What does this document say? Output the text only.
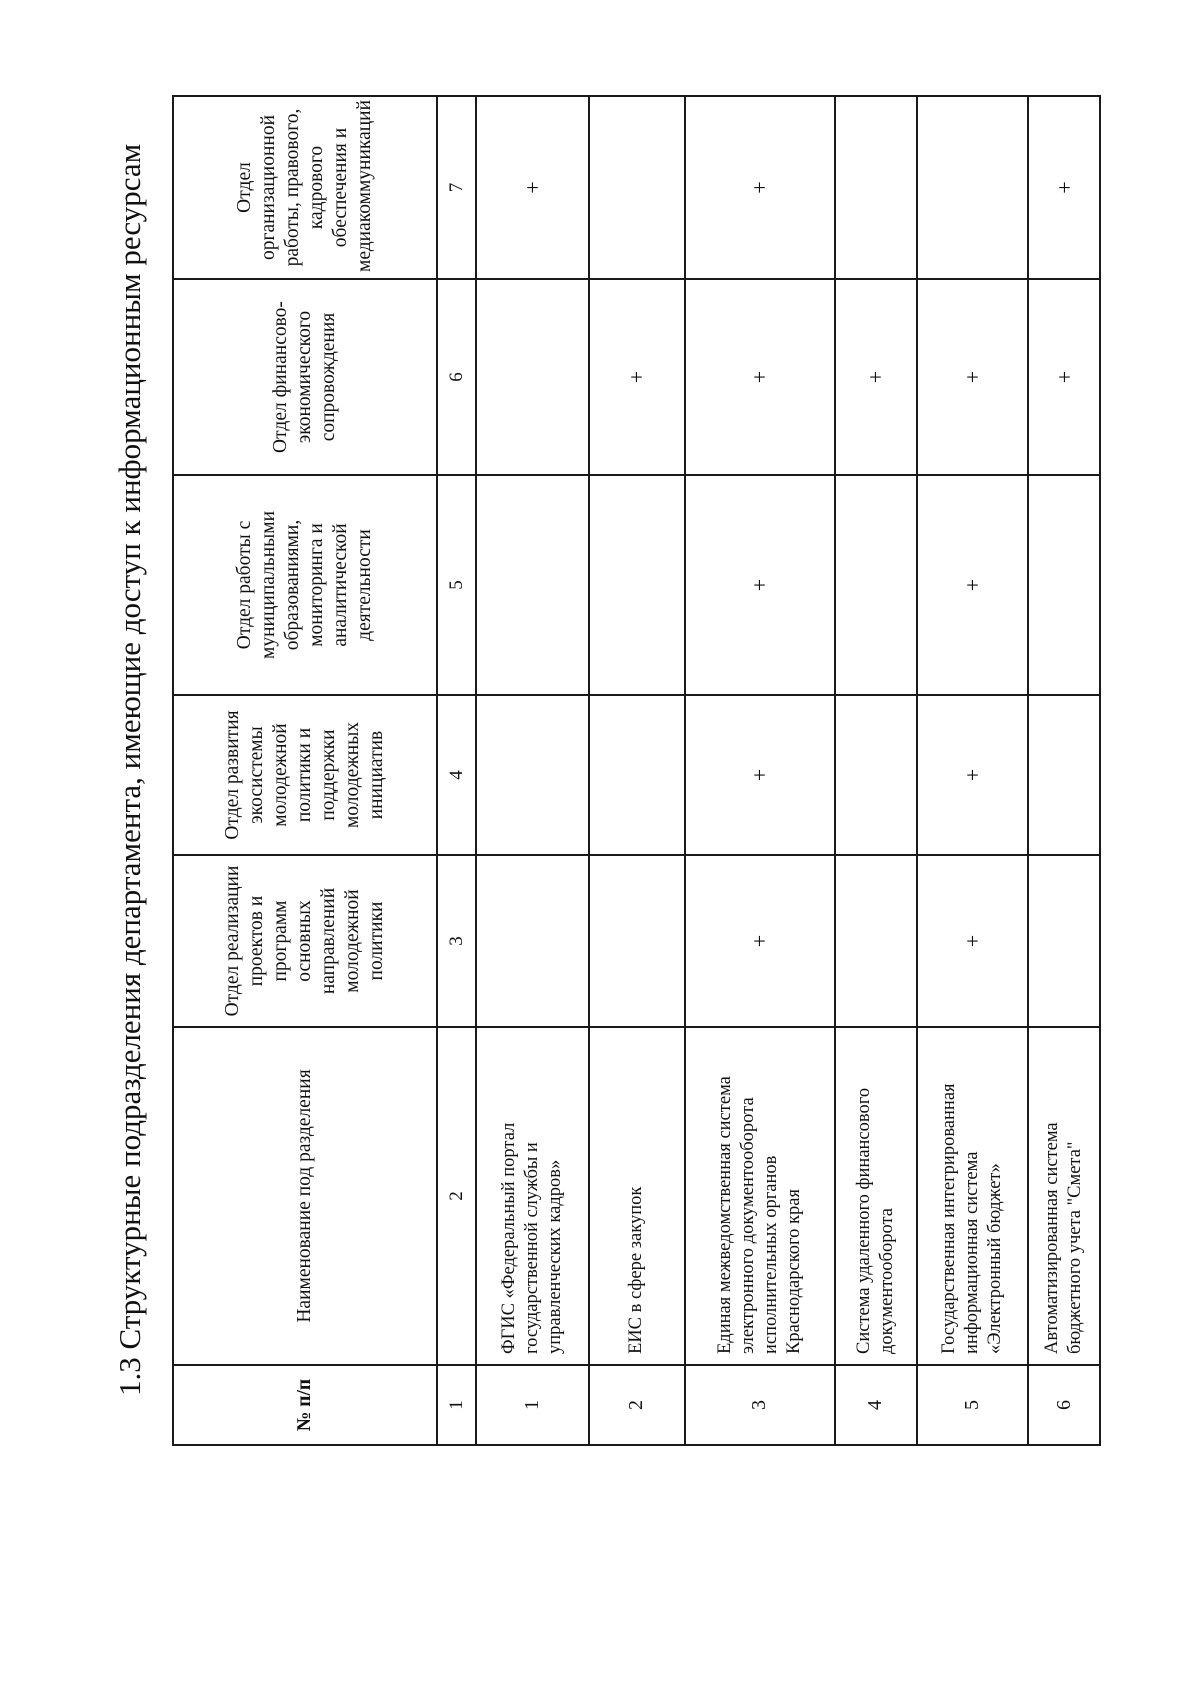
1.3 Структурные подразделения департамента, имеющие доступ к информационным ресурсам
№ п/п	Наименование под разделения	Отдел реализации проектов и программ основных направлений молодежной политики	Отдел развития экосистемы молодежной политики и поддержки молодежных инициатив	Отдел работы с муниципальными образованиями, мониторинга и аналитической деятельности	Отдел финансово-экономического сопровождения	Отдел организационной работы, правового, кадрового обеспечения и медиакоммуникаций
1	2	3	4	5	6	7
1	ФГИС «Федеральный портал государственной службы и управленческих кадров»					+
2	ЕИС в сфере закупок				+	
3	Единая межведомственная система электронного документооборота исполнительных органов Краснодарского края	+	+	+	+	+
4	Система удаленного финансового документооборота				+	
5	Государственная интегрированная информационная система «Электронный бюджет»	+	+	+	+	
6	Автоматизированная система бюджетного учета "Смета"				+	+
